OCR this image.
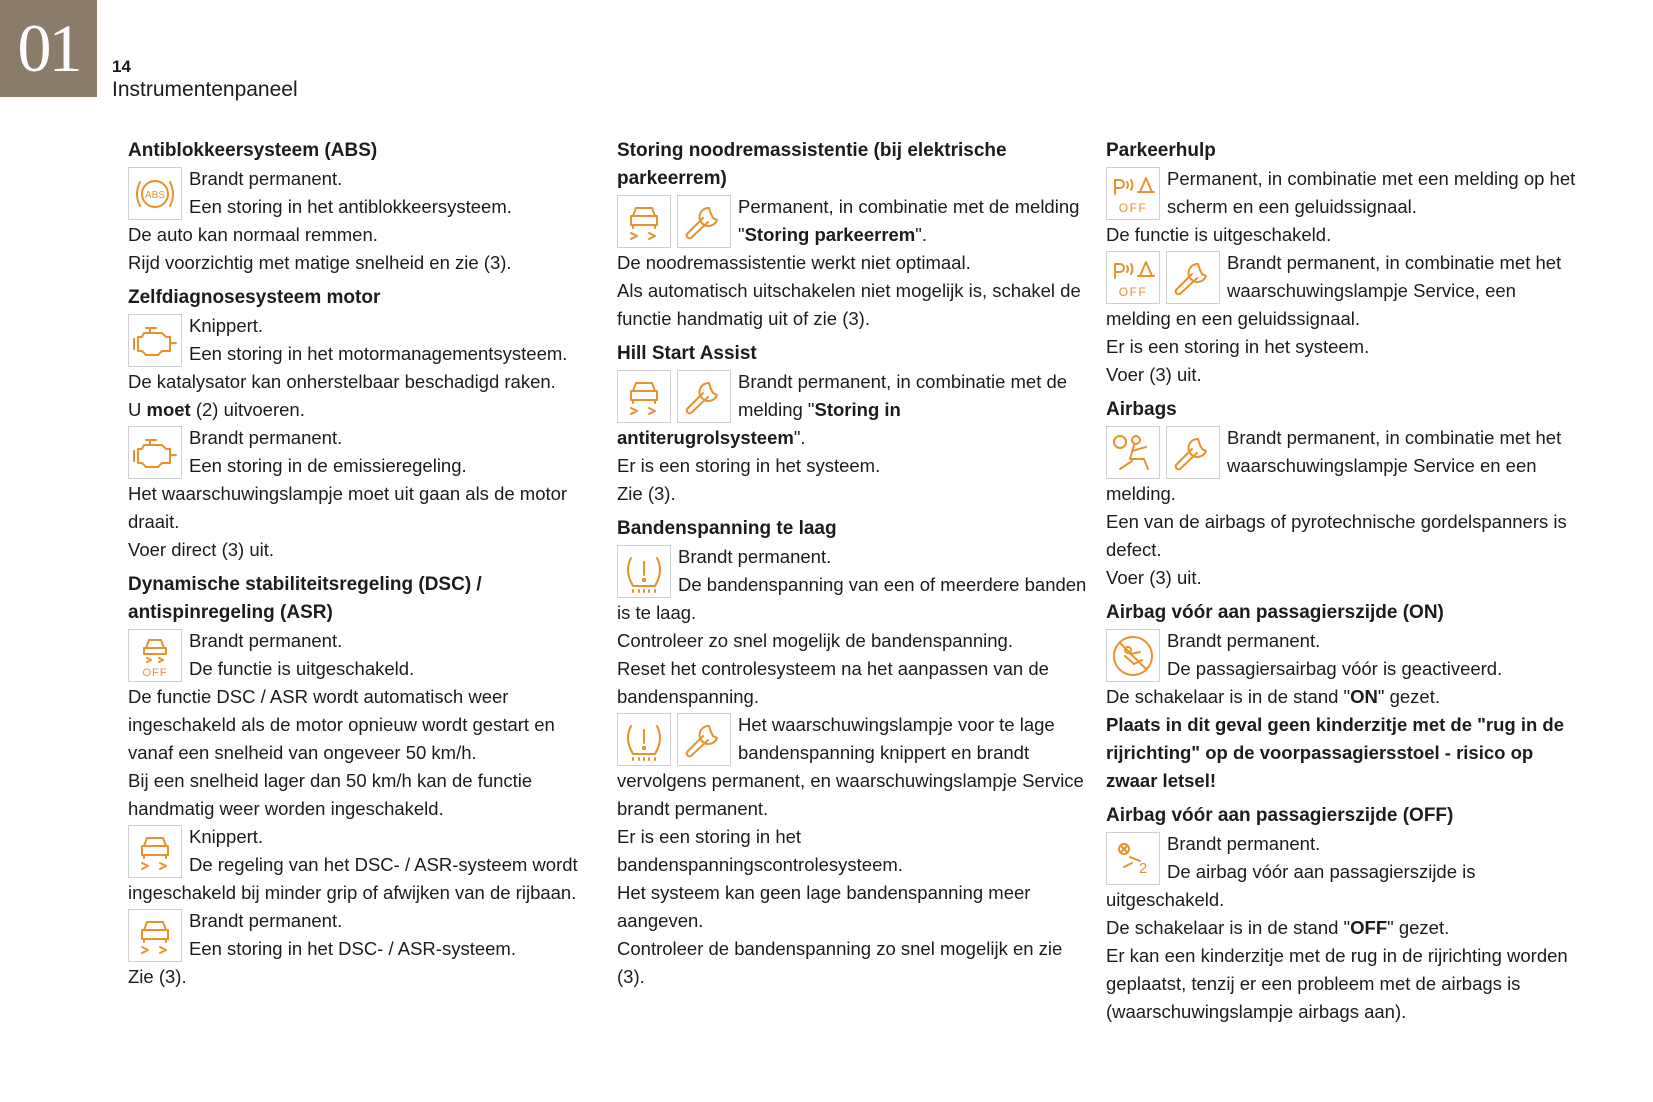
01	14
Instrumentenpaneel
Antiblokkeersysteem (ABS)
ABS
Brandt permanent.
Een storing in het antiblokkeersysteem.

De auto kan normaal remmen.

Rijd voorzichtig met matige snelheid en zie (3).

Zelfdiagnosesysteem motor
Knippert.
Een storing in het motormanagementsysteem.

De katalysator kan onherstelbaar beschadigd raken.

U moet (2) uitvoeren.

Brandt permanent.
Een storing in de emissieregeling.

Het waarschuwingslampje moet uit gaan als de motor draait.

Voer direct (3) uit.

Dynamische stabiliteitsregeling (DSC) / antispinregeling (ASR)
OFF
Brandt permanent.
De functie is uitgeschakeld.

De functie DSC / ASR wordt automatisch weer ingeschakeld als de motor opnieuw wordt gestart en vanaf een snelheid van ongeveer 50 km/h.

Bij een snelheid lager dan 50 km/h kan de functie handmatig weer worden ingeschakeld.

Knippert.
De regeling van het DSC- / ASR-systeem wordt ingeschakeld bij minder grip of afwijken van de rijbaan.
Brandt permanent.
Een storing in het DSC- / ASR-systeem.

Zie (3).

Storing noodremassistentie (bij elektrische parkeerrem)
Permanent, in combinatie met de melding "Storing parkeerrem".

De noodremassistentie werkt niet optimaal.

Als automatisch uitschakelen niet mogelijk is, schakel de functie handmatig uit of zie (3).

Hill Start Assist
Brandt permanent, in combinatie met de melding "Storing in antiterugrolsysteem".

Er is een storing in het systeem.

Zie (3).

Bandenspanning te laag
Brandt permanent.
De bandenspanning van een of meerdere banden is te laag.

Controleer zo snel mogelijk de bandenspanning.

Reset het controlesysteem na het aanpassen van de bandenspanning.

Het waarschuwingslampje voor te lage bandenspanning knippert en brandt vervolgens permanent, en waarschuwingslampje Service brandt permanent.

Er is een storing in het bandenspanningscontrolesysteem.

Het systeem kan geen lage bandenspanning meer aangeven.

Controleer de bandenspanning zo snel mogelijk en zie (3).

Parkeerhulp
OFF
Permanent, in combinatie met een melding op het scherm en een geluidssignaal.

De functie is uitgeschakeld.

OFF
Brandt permanent, in combinatie met het waarschuwingslampje Service, een melding en een geluidssignaal.

Er is een storing in het systeem.

Voer (3) uit.

Airbags
Brandt permanent, in combinatie met het waarschuwingslampje Service en een melding.

Een van de airbags of pyrotechnische gordelspanners is defect.

Voer (3) uit.

Airbag vóór aan passagierszijde (ON)
Brandt permanent.
De passagiersairbag vóór is geactiveerd.

De schakelaar is in de stand "ON" gezet.

Plaats in dit geval geen kinderzitje met de "rug in de rijrichting" op de voorpassagiersstoel - risico op zwaar letsel!

Airbag vóór aan passagierszijde (OFF)
2
Brandt permanent.
De airbag vóór aan passagierszijde is uitgeschakeld.

De schakelaar is in de stand "OFF" gezet.

Er kan een kinderzitje met de rug in de rijrichting worden geplaatst, tenzij er een probleem met de airbags is (waarschuwingslampje airbags aan).
